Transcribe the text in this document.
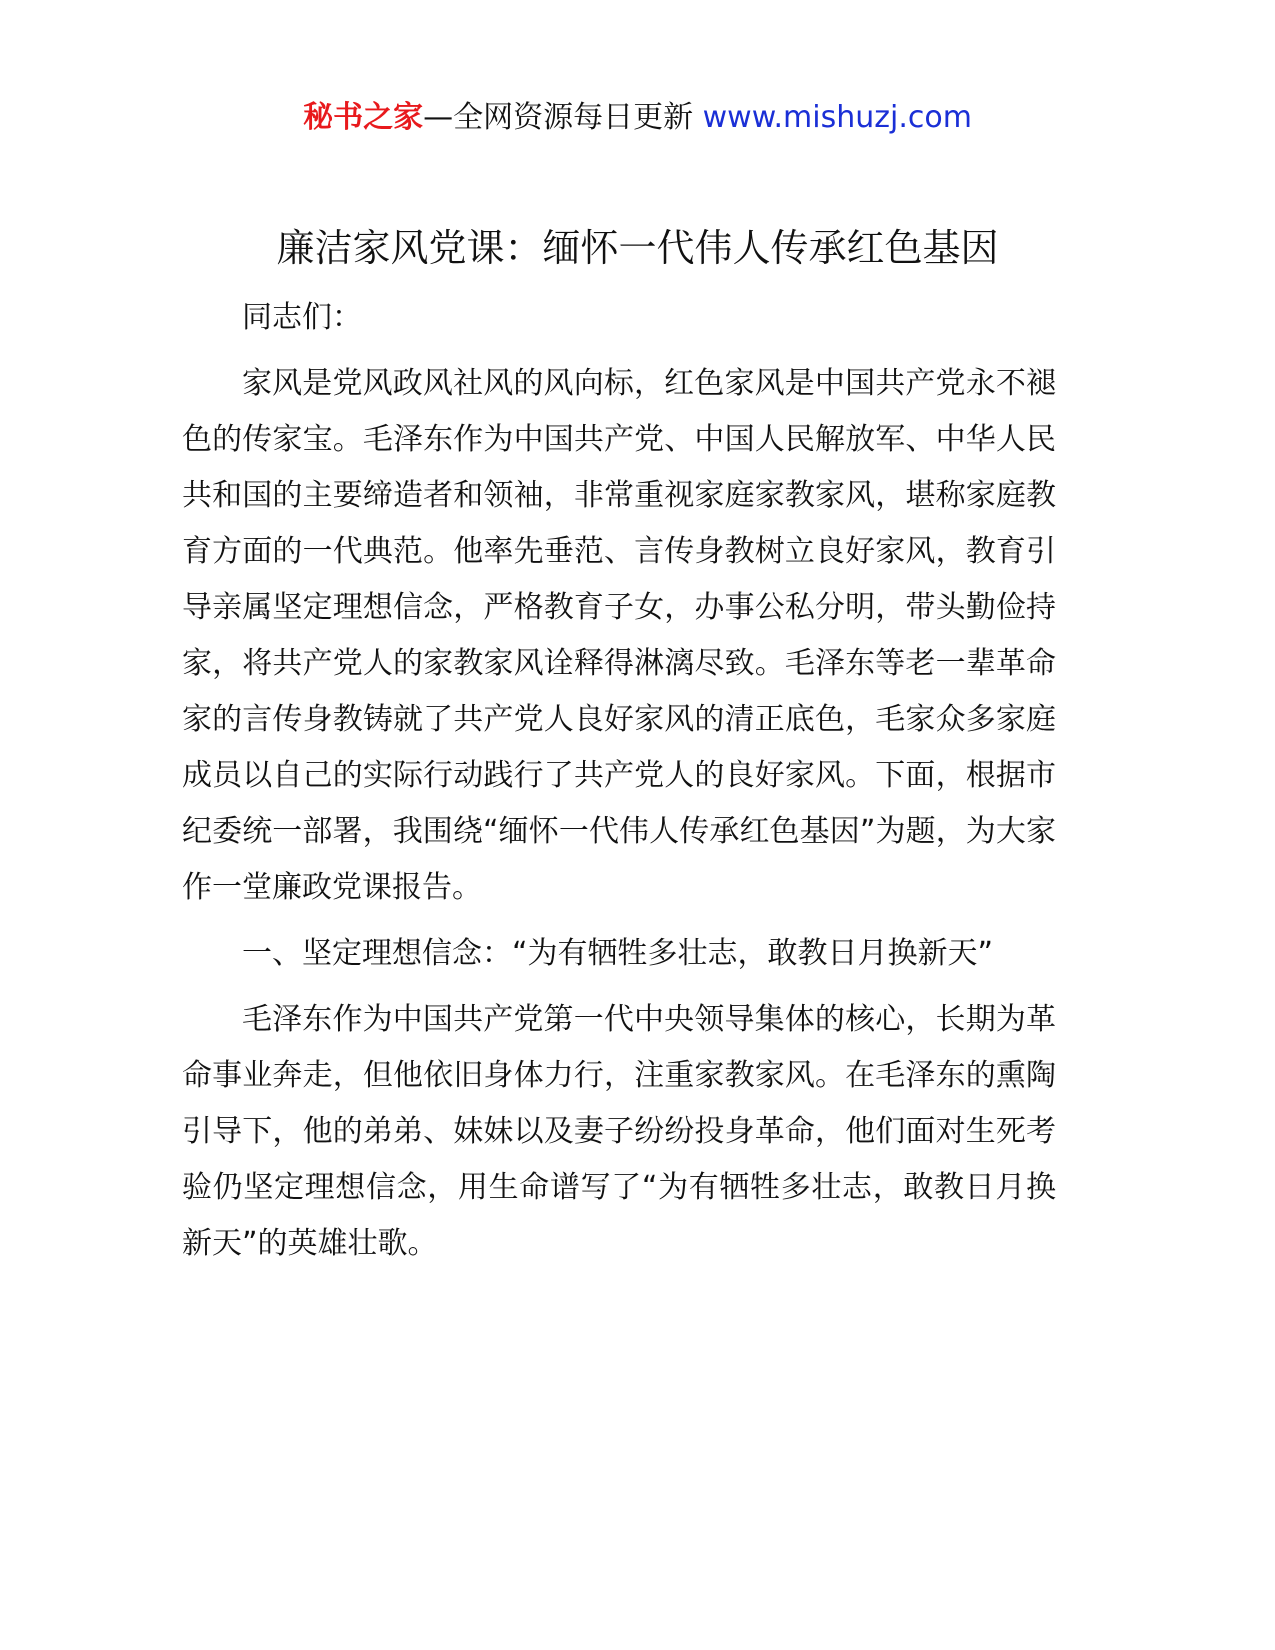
秘书之家—全网资源每日更新 www.mishuzj.com
廉洁家风党课：缅怀一代伟人传承红色基因

同志们：

家风是党风政风社风的风向标，红色家风是中国共产党永不褪色的传家宝。毛泽东作为中国共产党、中国人民解放军、中华人民共和国的主要缔造者和领袖，非常重视家庭家教家风，堪称家庭教育方面的一代典范。他率先垂范、言传身教树立良好家风，教育引导亲属坚定理想信念，严格教育子女，办事公私分明，带头勤俭持家，将共产党人的家教家风诠释得淋漓尽致。毛泽东等老一辈革命家的言传身教铸就了共产党人良好家风的清正底色，毛家众多家庭成员以自己的实际行动践行了共产党人的良好家风。下面，根据市纪委统一部署，我围绕“缅怀一代伟人传承红色基因”为题，为大家作一堂廉政党课报告。

一、坚定理想信念：“为有牺牲多壮志，敢教日月换新天”

毛泽东作为中国共产党第一代中央领导集体的核心，长期为革命事业奔走，但他依旧身体力行，注重家教家风。在毛泽东的熏陶引导下，他的弟弟、妹妹以及妻子纷纷投身革命，他们面对生死考验仍坚定理想信念，用生命谱写了“为有牺牲多壮志，敢教日月换新天”的英雄壮歌。
